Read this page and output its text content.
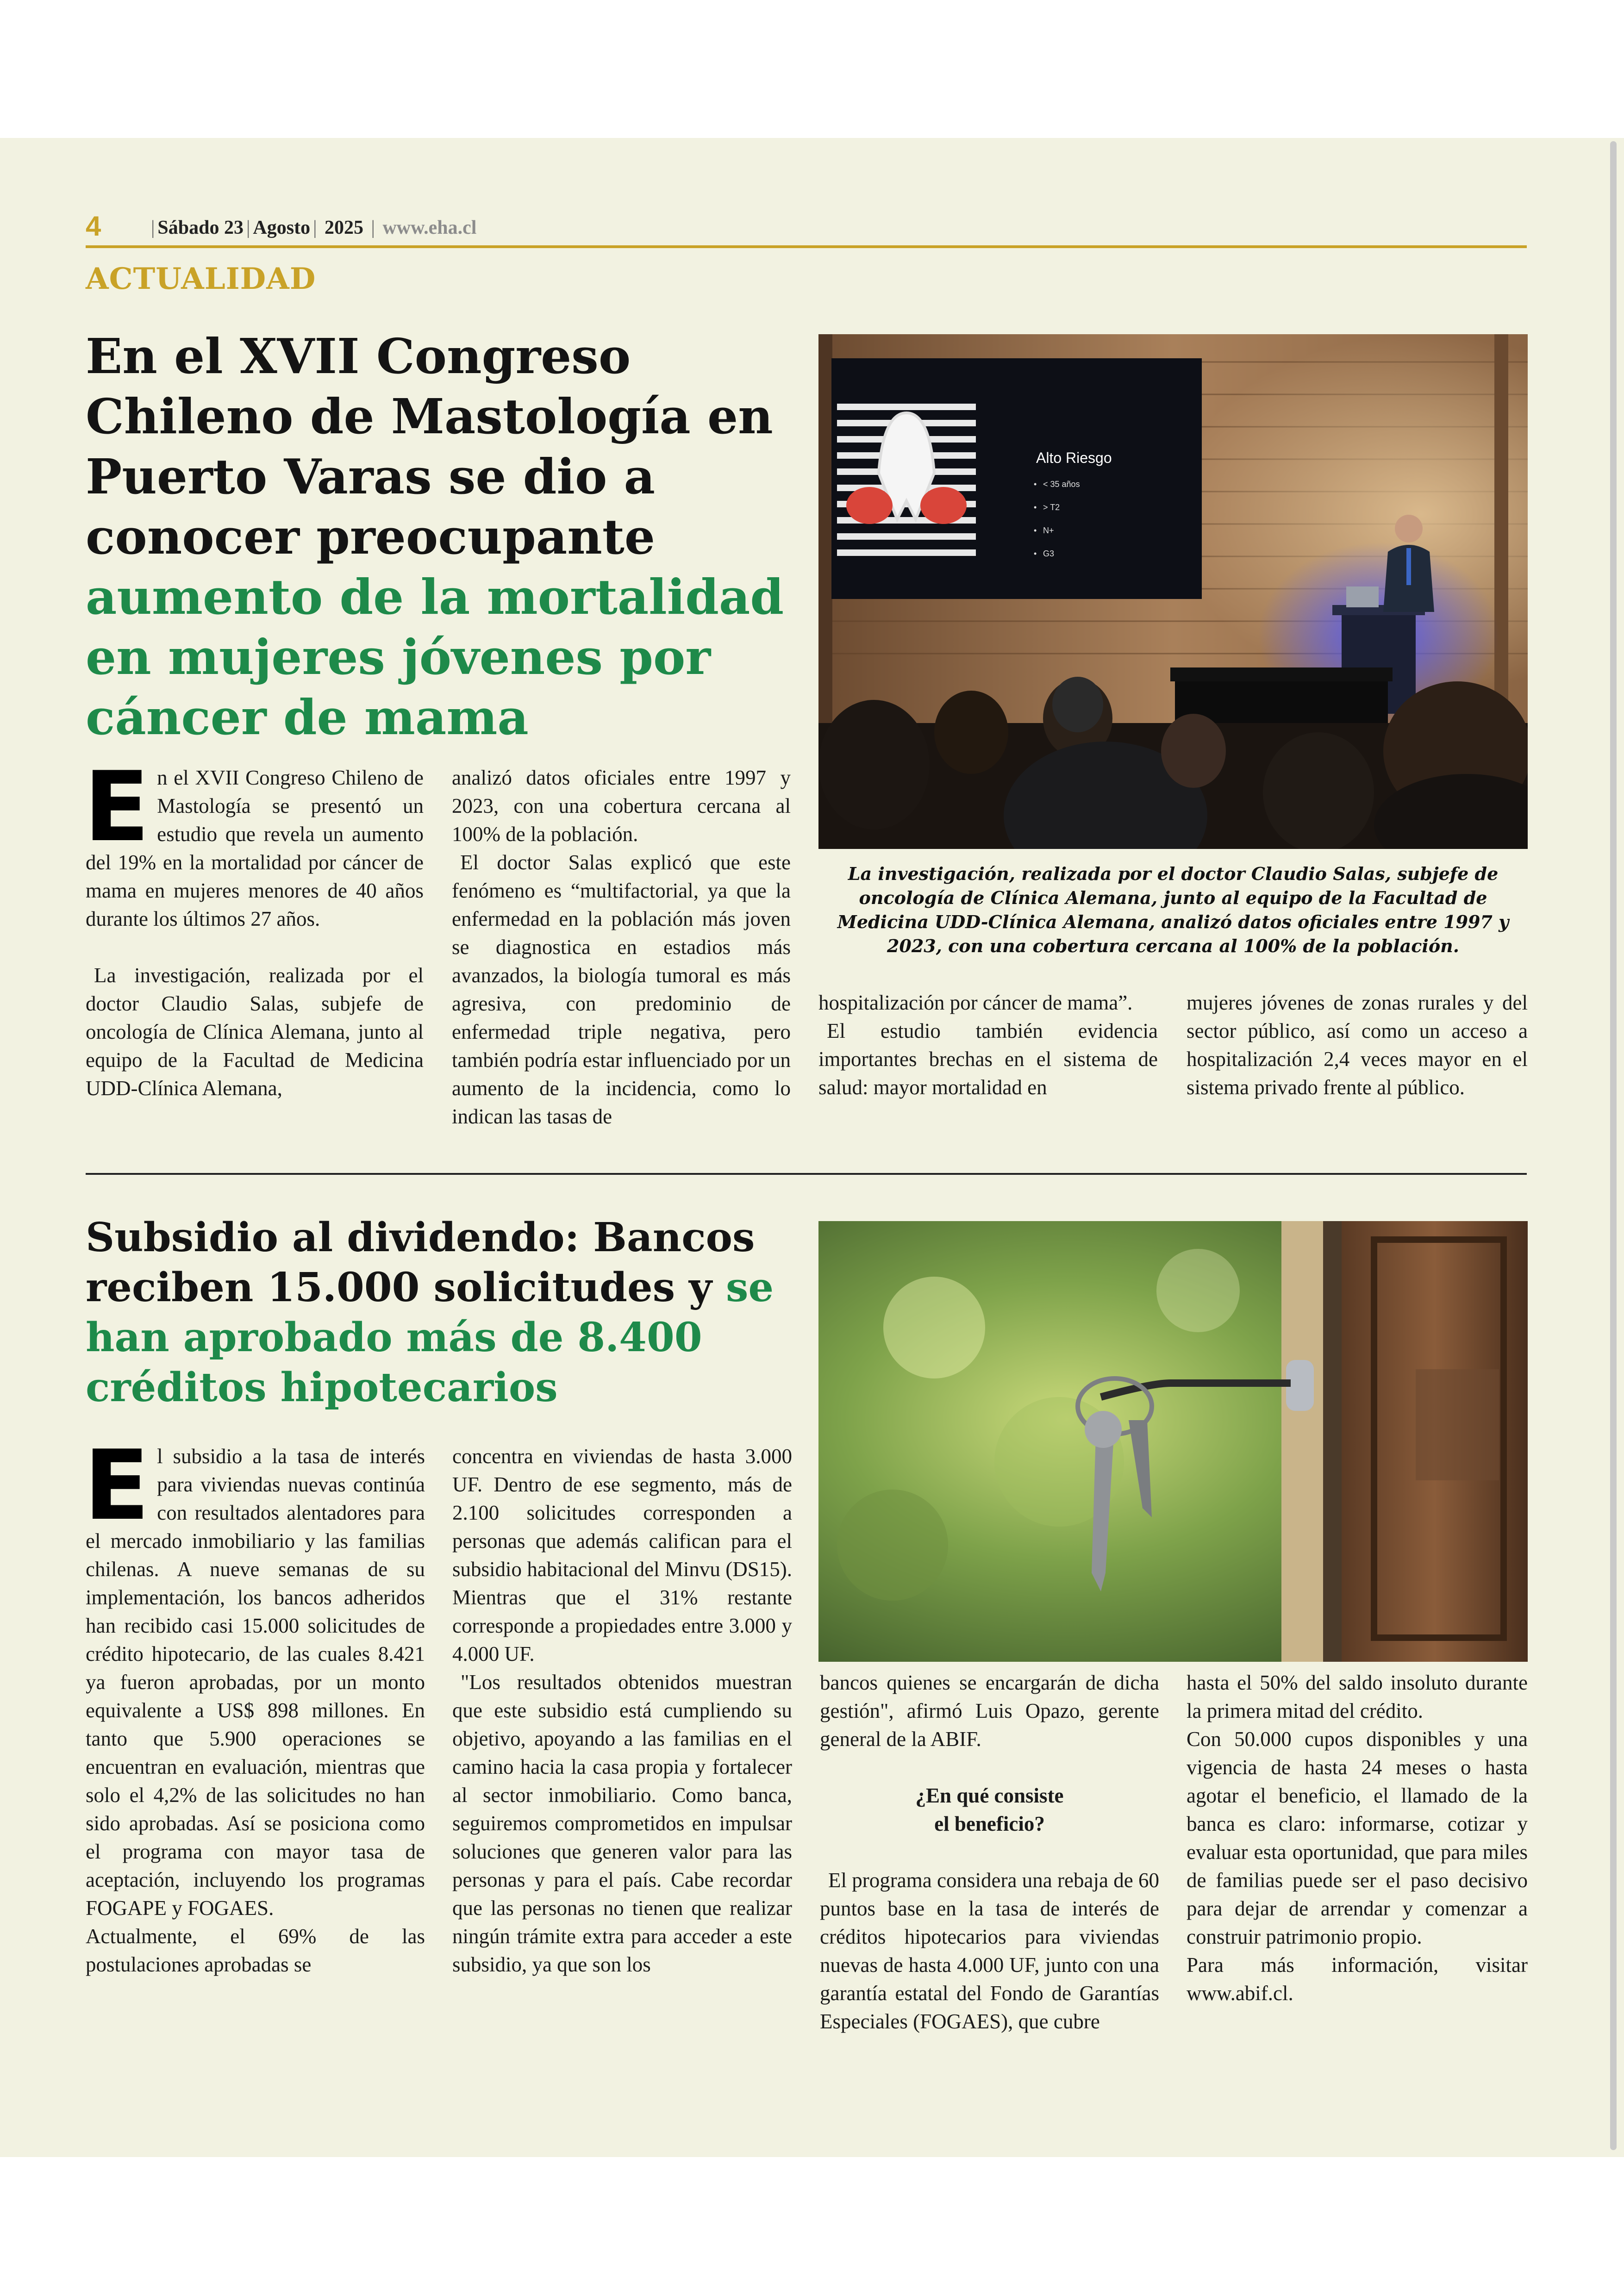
4	| Sábado 23 | Agosto | 2025 | www.eha.cl
ACTUALIDAD
En el XVII Congreso Chileno de Mastología en Puerto Varas se dio a conocer preocupante aumento de la mortalidad en mujeres jóvenes por cáncer de mama
Alto Riesgo
• < 35 años
• > T2
• N+
• G3
La investigación, realizada por el doctor Claudio Salas, subjefe de oncología de Clínica Alemana, junto al equipo de la Facultad de Medicina UDD-Clínica Alemana, analizó datos oficiales entre 1997 y 2023, con una cobertura cercana al 100% de la población.

En el XVII Congreso Chileno de Mastología se presentó un estudio que revela un aumento del 19% en la mortalidad por cáncer de mama en mujeres menores de 40 años durante los últimos 27 años.

La investigación, realizada por el doctor Claudio Salas, subjefe de oncología de Clínica Alemana, junto al equipo de la Facultad de Medicina UDD-Clínica Alemana,

analizó datos oficiales entre 1997 y 2023, con una cobertura cercana al 100% de la población.

El doctor Salas explicó que este fenómeno es “multifactorial, ya que la enfermedad en la población más joven se diagnostica en estadios más avanzados, la biología tumoral es más agresiva, con predominio de enfermedad triple negativa, pero también podría estar influenciado por un aumento de la incidencia, como lo indican las tasas de

hospitalización por cáncer de mama”.

El estudio también evidencia importantes brechas en el sistema de salud: mayor mortalidad en

mujeres jóvenes de zonas rurales y del sector público, así como un acceso a hospitalización 2,4 veces mayor en el sistema privado frente al público.

Subsidio al dividendo: Bancos reciben 15.000 solicitudes y se han aprobado más de 8.400 créditos hipotecarios

El subsidio a la tasa de interés para viviendas nuevas continúa con resultados alentadores para el mercado inmobiliario y las familias chilenas. A nueve semanas de su implementación, los bancos adheridos han recibido casi 15.000 solicitudes de crédito hipotecario, de las cuales 8.421 ya fueron aprobadas, por un monto equivalente a US$ 898 millones. En tanto que 5.900 operaciones se encuentran en evaluación, mientras que solo el 4,2% de las solicitudes no han sido aprobadas. Así se posiciona como el programa con mayor tasa de aceptación, incluyendo los programas FOGAPE y FOGAES.

Actualmente, el 69% de las postulaciones aprobadas se

concentra en viviendas de hasta 3.000 UF. Dentro de ese segmento, más de 2.100 solicitudes corresponden a personas que además califican para el subsidio habitacional del Minvu (DS15). Mientras que el 31% restante corresponde a propiedades entre 3.000 y 4.000 UF.

"Los resultados obtenidos muestran que este subsidio está cumpliendo su objetivo, apoyando a las familias en el camino hacia la casa propia y fortalecer al sector inmobiliario. Como banca, seguiremos comprometidos en impulsar soluciones que generen valor para las personas y para el país. Cabe recordar que las personas no tienen que realizar ningún trámite extra para acceder a este subsidio, ya que son los

bancos quienes se encargarán de dicha gestión", afirmó Luis Opazo, gerente general de la ABIF.

¿En qué consiste
el beneficio?

El programa considera una rebaja de 60 puntos base en la tasa de interés de créditos hipotecarios para viviendas nuevas de hasta 4.000 UF, junto con una garantía estatal del Fondo de Garantías Especiales (FOGAES), que cubre

hasta el 50% del saldo insoluto durante la primera mitad del crédito.

Con 50.000 cupos disponibles y una vigencia de hasta 24 meses o hasta agotar el beneficio, el llamado de la banca es claro: informarse, cotizar y evaluar esta oportunidad, que para miles de familias puede ser el paso decisivo para dejar de arrendar y comenzar a construir patrimonio propio.

Para más información, visitar www.abif.cl.
